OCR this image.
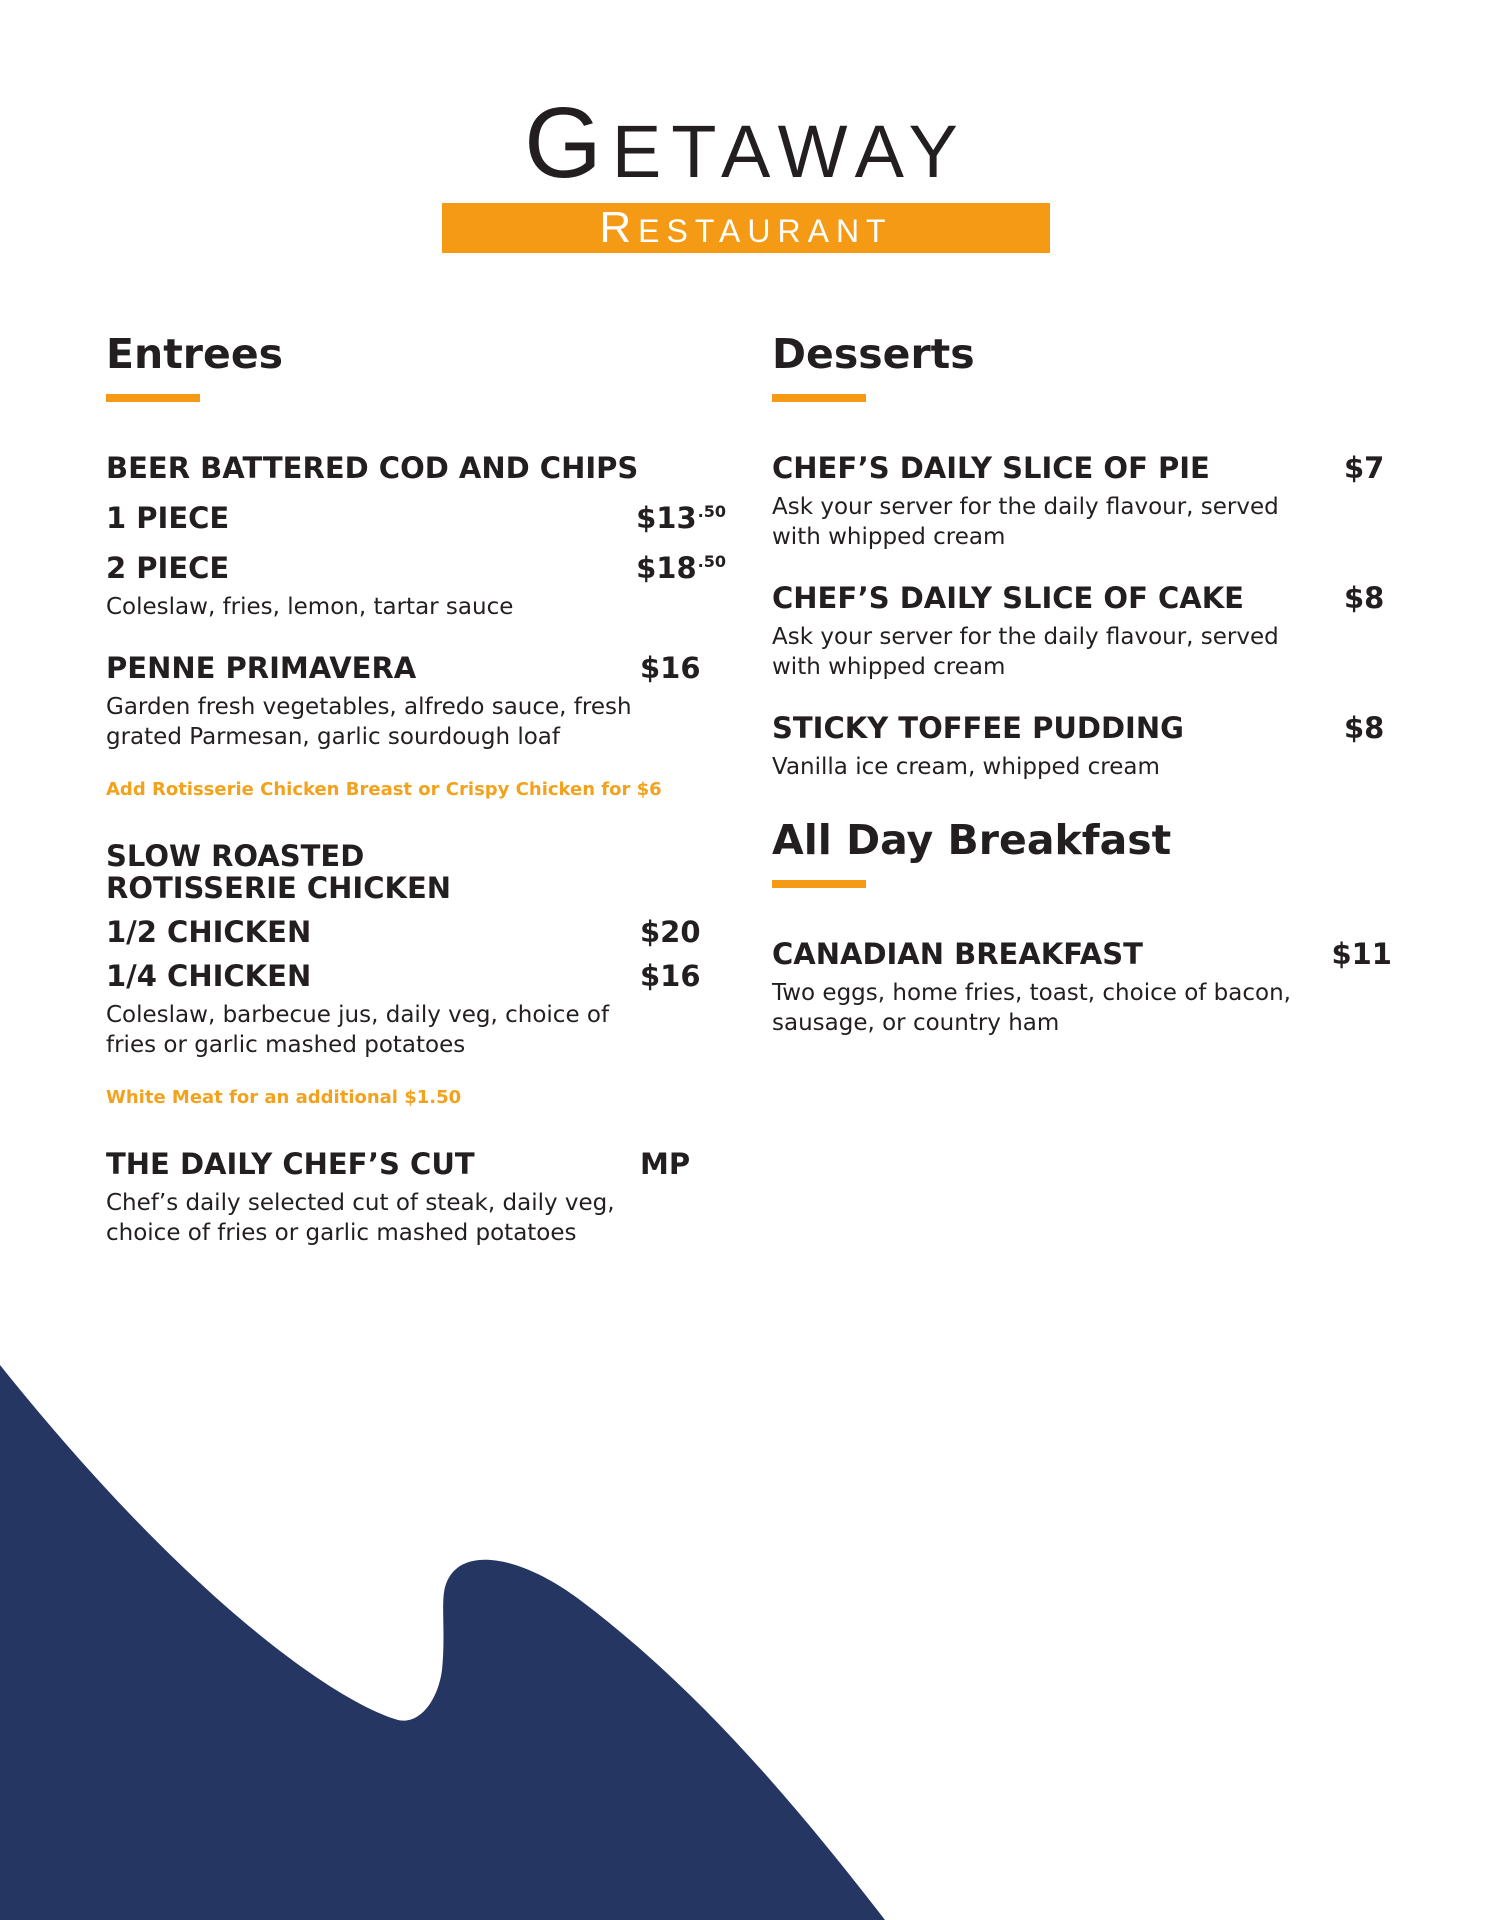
GETAWAY
RESTAURANT
Entrees
BEER BATTERED COD AND CHIPS
1 PIECE	$\$13^{.50}$
2 PIECE	$\$18^{.50}$
Coleslaw, fries, lemon, tartar sauce
PENNE PRIMAVERA	$16
Garden fresh vegetables, alfredo sauce, fresh
grated Parmesan, garlic sourdough loaf
Add Rotisserie Chicken Breast or Crispy Chicken for $6
SLOW ROASTED
ROTISSERIE CHICKEN
1/2 CHICKEN	$20
1/4 CHICKEN	$16
Coleslaw, barbecue jus, daily veg, choice of
fries or garlic mashed potatoes
White Meat for an additional $1.50
THE DAILY CHEF’S CUT	MP
Chef’s daily selected cut of steak, daily veg,
choice of fries or garlic mashed potatoes
Desserts
CHEF’S DAILY SLICE OF PIE	$7
Ask your server for the daily flavour, served
with whipped cream
CHEF’S DAILY SLICE OF CAKE	$8
Ask your server for the daily flavour, served
with whipped cream
STICKY TOFFEE PUDDING	$8
Vanilla ice cream, whipped cream
All Day Breakfast
CANADIAN BREAKFAST	$11
Two eggs, home fries, toast, choice of bacon,
sausage, or country ham
